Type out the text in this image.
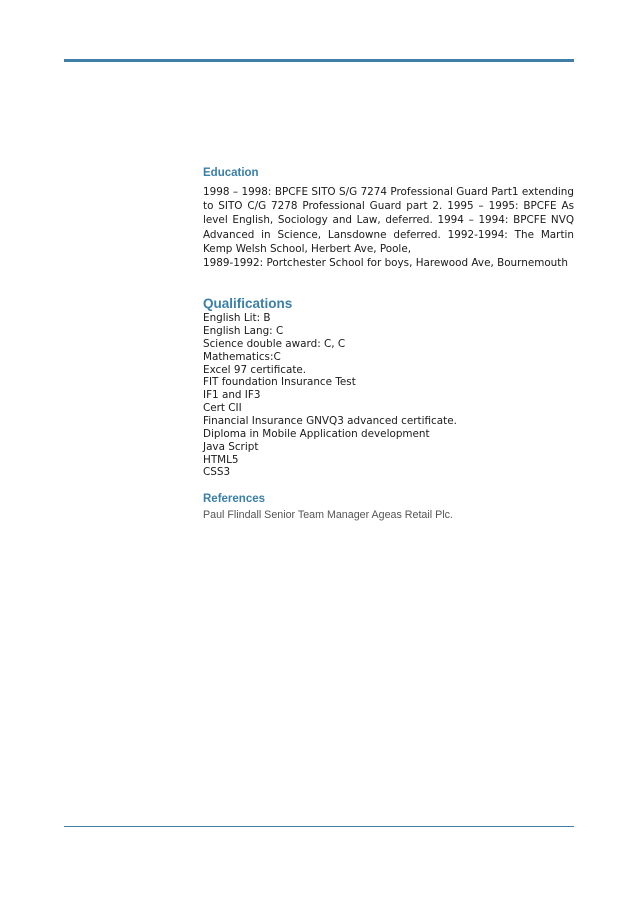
Education

1998 – 1998: BPCFE SITO S/G 7274 Professional Guard Part1 extending to SITO C/G 7278 Professional Guard part 2. 1995 – 1995: BPCFE As level English, Sociology and Law, deferred. 1994 – 1994: BPCFE NVQ Advanced in Science, Lansdowne deferred. 1992-1994: The Martin Kemp Welsh School, Herbert Ave, Poole,

1989-1992: Portchester School for boys, Harewood Ave, Bournemouth

Qualifications
English Lit: B
English Lang: C
Science double award: C, C
Mathematics:C
Excel 97 certificate.
FIT foundation Insurance Test
IF1 and IF3
Cert CII
Financial Insurance GNVQ3 advanced certificate.
Diploma in Mobile Application development
Java Script
HTML5
CSS3
References

Paul Flindall Senior Team Manager Ageas Retail Plc.
